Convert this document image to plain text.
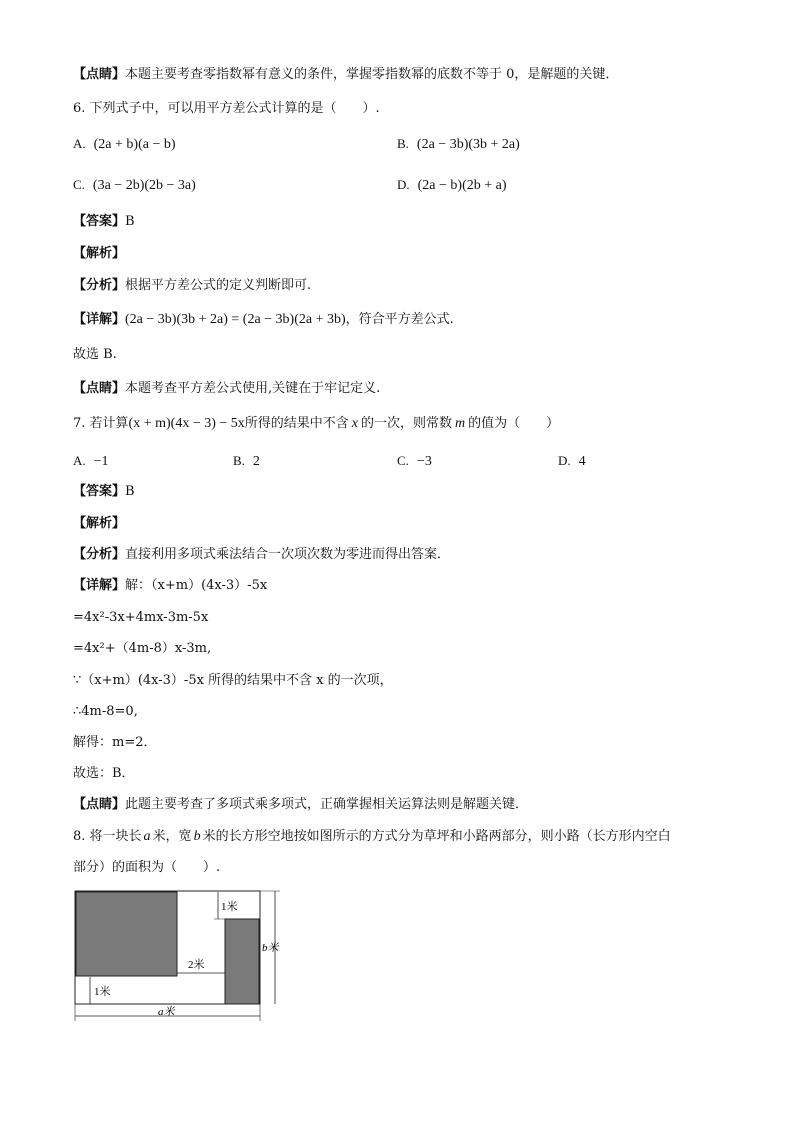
【点睛】本题主要考查零指数幂有意义的条件，掌握零指数幂的底数不等于 0，是解题的关键．
6. 下列式子中，可以用平方差公式计算的是（　　）.
A. (2a + b)(a − b)	B. (2a − 3b)(3b + 2a)
C. (3a − 2b)(2b − 3a)	D. (2a − b)(2b + a)
【答案】B
【解析】
【分析】根据平方差公式的定义判断即可.
【详解】(2a − 3b)(3b + 2a) = (2a − 3b)(2a + 3b)，符合平方差公式.
故选 B.
【点睛】本题考查平方差公式使用,关键在于牢记定义.
7. 若计算(x + m)(4x − 3) − 5x所得的结果中不含 x 的一次，则常数 m 的值为（　　）
A. −1	B. 2	C. −3	D. 4
【答案】B
【解析】
【分析】直接利用多项式乘法结合一次项次数为零进而得出答案．
【详解】解：（x+m）(4x-3）-5x
=4x²-3x+4mx-3m-5x
=4x²+（4m-8）x-3m,
∵（x+m）(4x-3）-5x 所得的结果中不含 x 的一次项，
∴4m-8=0,
解得：m=2．
故选：B．
【点睛】此题主要考查了多项式乘多项式，正确掌握相关运算法则是解题关键．
8. 将一块长 a 米，宽 b 米的长方形空地按如图所示的方式分为草坪和小路两部分，则小路（长方形内空白
部分）的面积为（　　）.
1米
2米
1米
b米
a米
